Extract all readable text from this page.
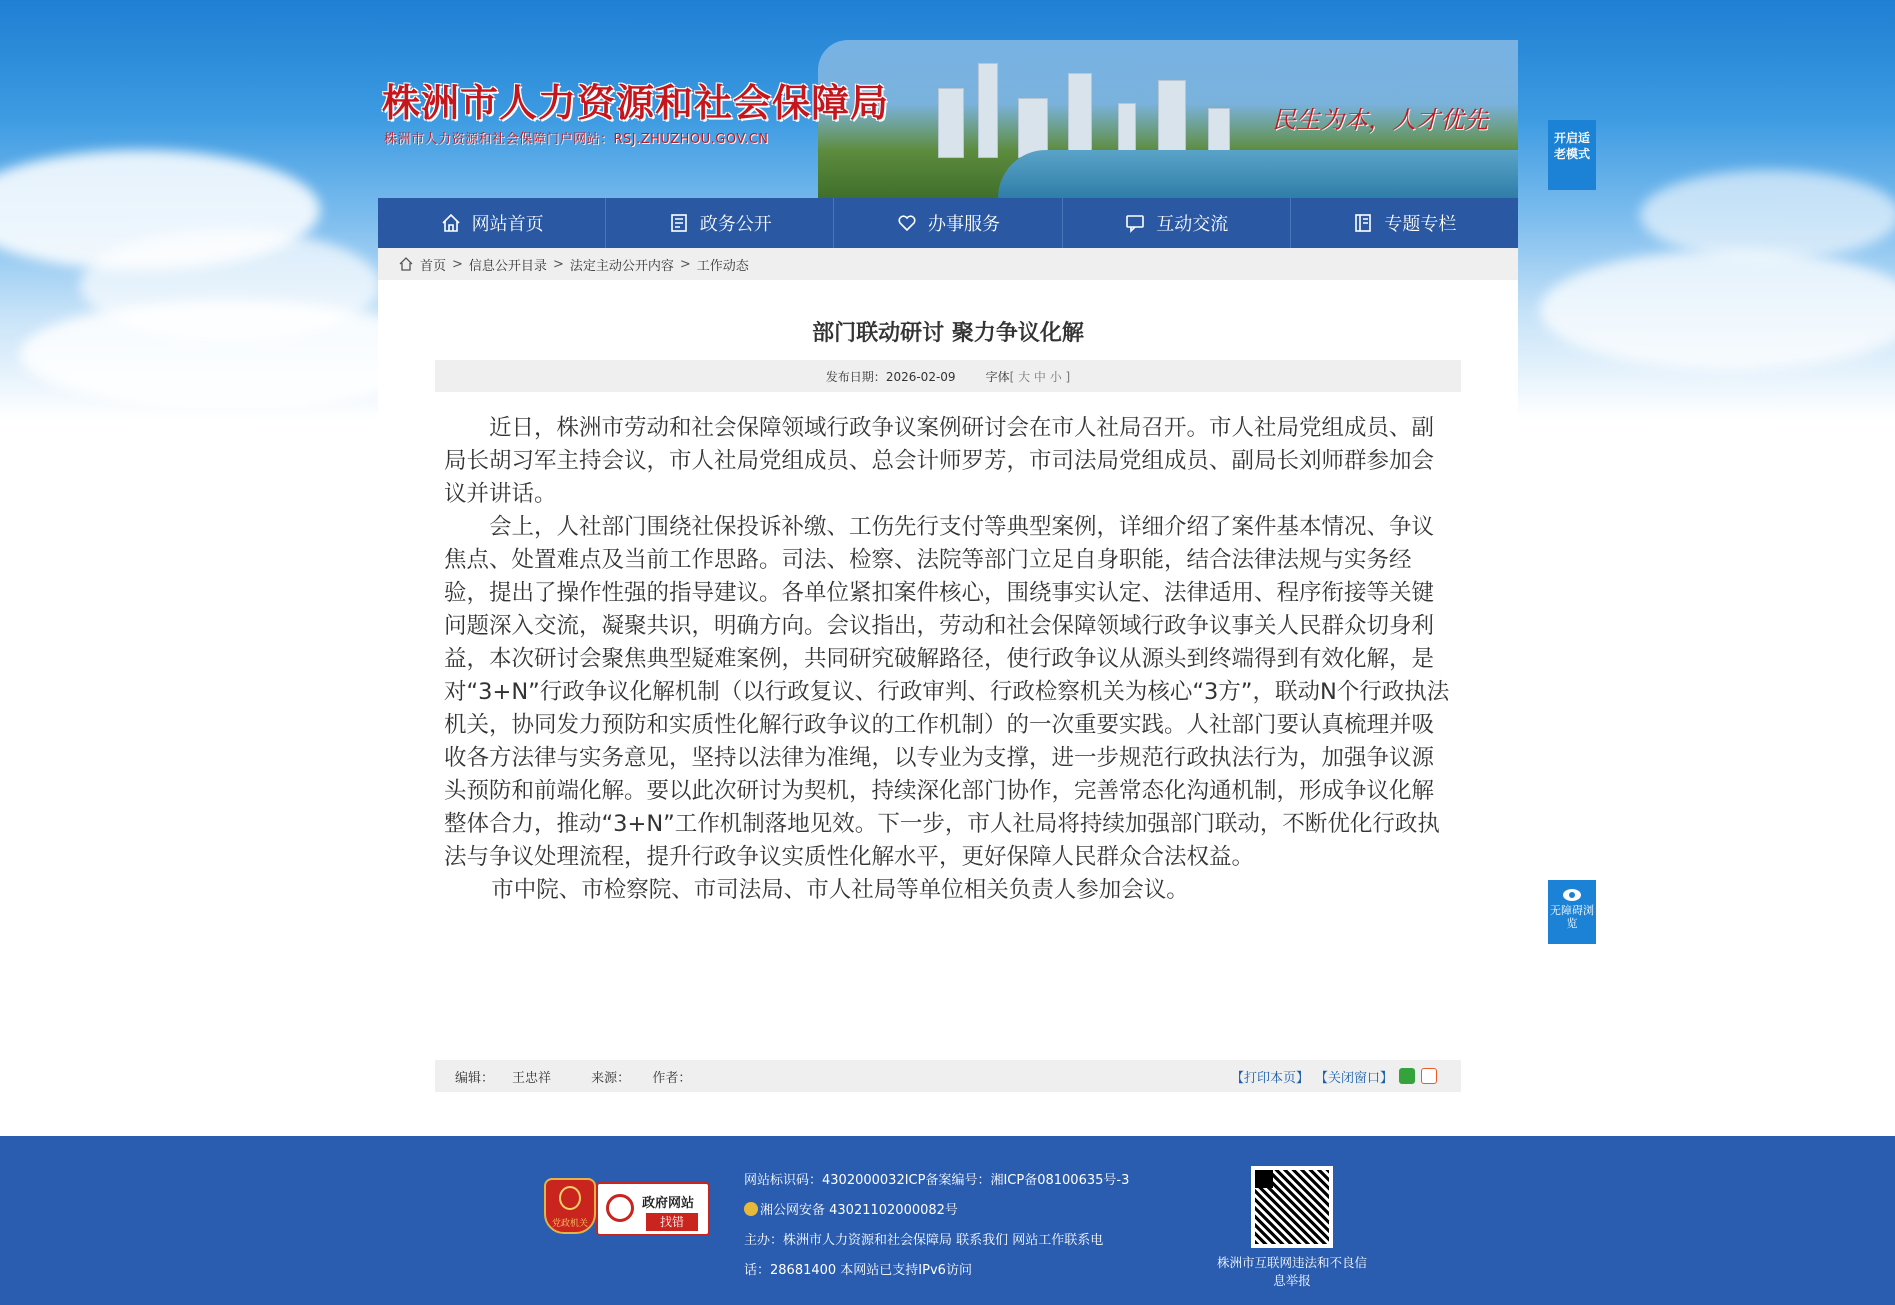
株洲市人力资源和社会保障局
株洲市人力资源和社会保障门户网站：RSJ.ZHUZHOU.GOV.CN
民生为本，人才优先
开启适老模式
无障碍浏览
网站首页	政务公开	办事服务	互动交流	专题专栏
首页 > 信息公开目录 > 法定主动公开内容 > 工作动态
部门联动研讨 聚力争议化解
发布日期：2026-02-09	字体[ 大 中 小 ]

近日，株洲市劳动和社会保障领域行政争议案例研讨会在市人社局召开。市人社局党组成员、副局长胡习军主持会议，市人社局党组成员、总会计师罗芳，市司法局党组成员、副局长刘师群参加会议并讲话。

会上，人社部门围绕社保投诉补缴、工伤先行支付等典型案例，详细介绍了案件基本情况、争议焦点、处置难点及当前工作思路。司法、检察、法院等部门立足自身职能，结合法律法规与实务经验，提出了操作性强的指导建议。各单位紧扣案件核心，围绕事实认定、法律适用、程序衔接等关键问题深入交流，凝聚共识，明确方向。会议指出，劳动和社会保障领域行政争议事关人民群众切身利益，本次研讨会聚焦典型疑难案例，共同研究破解路径，使行政争议从源头到终端得到有效化解，是对“3+N”行政争议化解机制（以行政复议、行政审判、行政检察机关为核心“3方”，联动N个行政执法机关，协同发力预防和实质性化解行政争议的工作机制）的一次重要实践。人社部门要认真梳理并吸收各方法律与实务意见，坚持以法律为准绳，以专业为支撑，进一步规范行政执法行为，加强争议源头预防和前端化解。要以此次研讨为契机，持续深化部门协作，完善常态化沟通机制，形成争议化解整体合力，推动“3+N”工作机制落地见效。下一步，市人社局将持续加强部门联动，不断优化行政执法与争议处理流程，提升行政争议实质性化解水平，更好保障人民群众合法权益。

市中院、市检察院、市司法局、市人社局等单位相关负责人参加会议。

编辑： 王忠祥	来源： 作者：	【打印本页】 【关闭窗口】
党政机关
政府网站
找错
网站标识码：4302000032ICP备案编号：湘ICP备08100635号-3
湘公网安备 43021102000082号
主办：株洲市人力资源和社会保障局 联系我们 网站工作联系电
话：28681400 本网站已支持IPv6访问
株洲市互联网违法和不良信息举报
